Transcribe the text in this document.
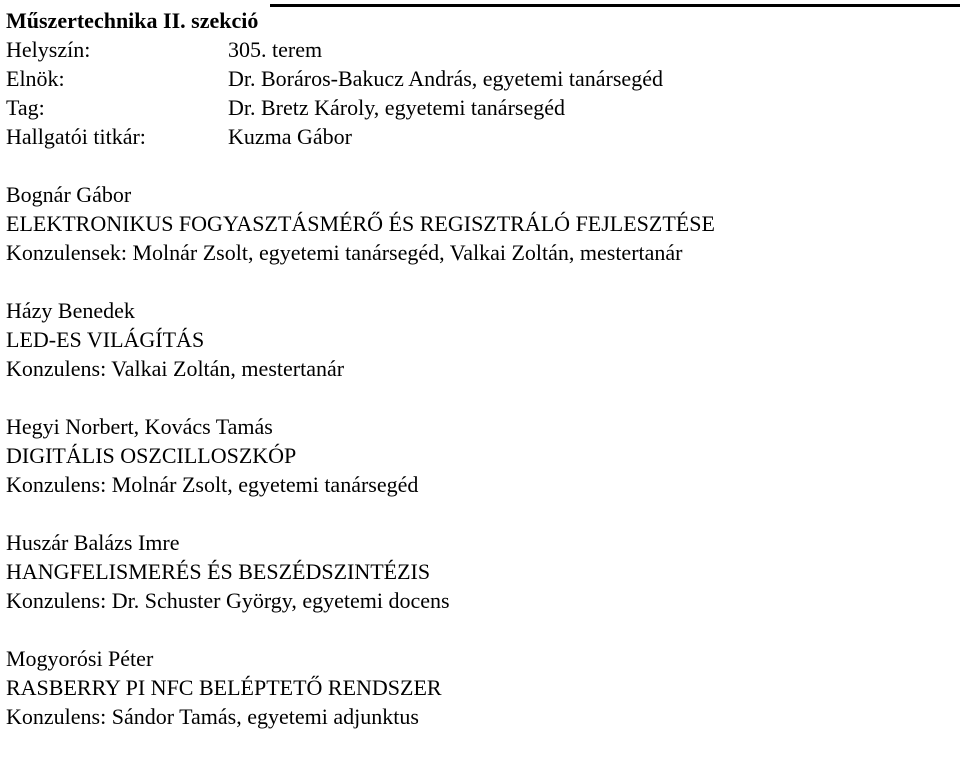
Műszertechnika II. szekció
Helyszín:	305. terem
Elnök:	Dr. Boráros-Bakucz András, egyetemi tanársegéd
Tag:	Dr. Bretz Károly, egyetemi tanársegéd
Hallgatói titkár:	Kuzma Gábor
Bognár Gábor
ELEKTRONIKUS FOGYASZTÁSMÉRŐ ÉS REGISZTRÁLÓ FEJLESZTÉSE
Konzulensek: Molnár Zsolt, egyetemi tanársegéd, Valkai Zoltán, mestertanár
Házy Benedek
LED-ES VILÁGÍTÁS
Konzulens: Valkai Zoltán, mestertanár
Hegyi Norbert, Kovács Tamás
DIGITÁLIS OSZCILLOSZKÓP
Konzulens: Molnár Zsolt, egyetemi tanársegéd
Huszár Balázs Imre
HANGFELISMERÉS ÉS BESZÉDSZINTÉZIS
Konzulens: Dr. Schuster György, egyetemi docens
Mogyorósi Péter
RASBERRY PI NFC BELÉPTETŐ RENDSZER
Konzulens: Sándor Tamás, egyetemi adjunktus
